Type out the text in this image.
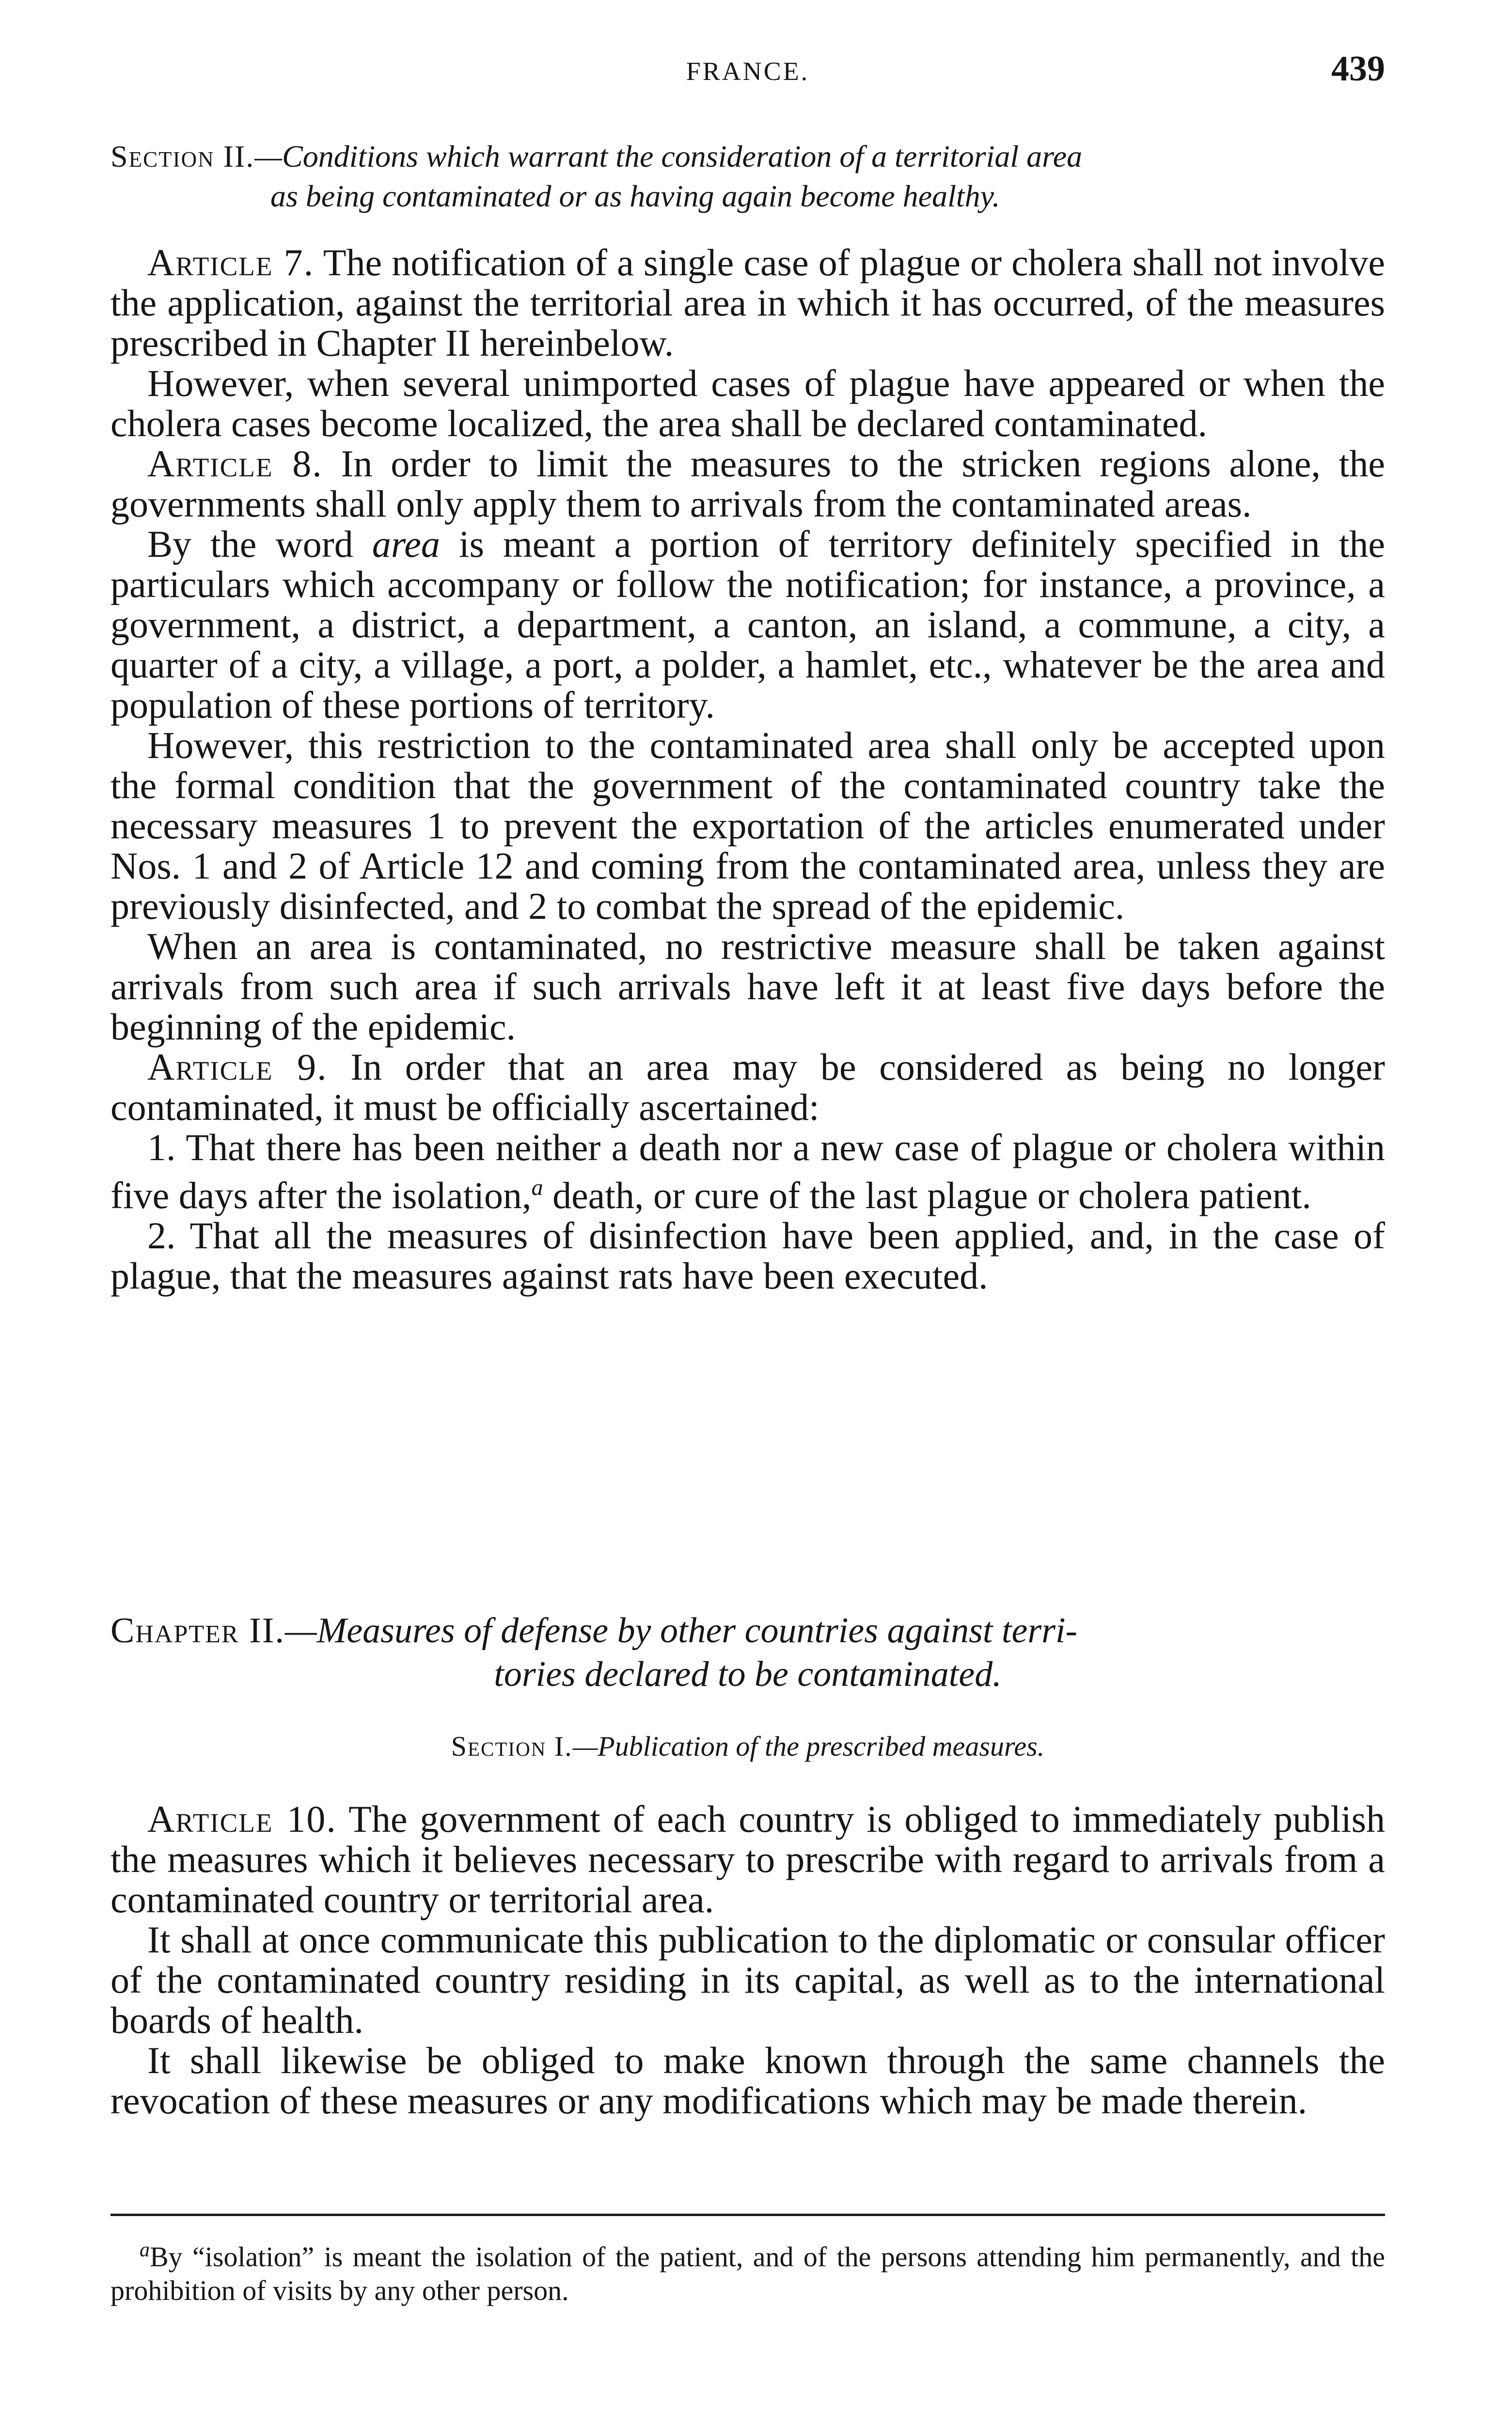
FRANCE.	439
Section II.—Conditions which warrant the consideration of a territorial area
as being contaminated or as having again become healthy.

Article 7. The notification of a single case of plague or cholera shall not involve the application, against the territorial area in which it has occurred, of the measures prescribed in Chapter II hereinbelow.

However, when several unimported cases of plague have appeared or when the cholera cases become localized, the area shall be declared contaminated.

Article 8. In order to limit the measures to the stricken regions alone, the governments shall only apply them to arrivals from the contaminated areas.

By the word area is meant a portion of territory definitely specified in the particulars which accompany or follow the notification; for instance, a province, a government, a district, a department, a canton, an island, a commune, a city, a quarter of a city, a village, a port, a polder, a hamlet, etc., whatever be the area and population of these portions of territory.

However, this restriction to the contaminated area shall only be accepted upon the formal condition that the government of the contaminated country take the necessary measures 1 to prevent the exportation of the articles enumerated under Nos. 1 and 2 of Article 12 and coming from the contaminated area, unless they are previously disinfected, and 2 to combat the spread of the epidemic.

When an area is contaminated, no restrictive measure shall be taken against arrivals from such area if such arrivals have left it at least five days before the beginning of the epidemic.

Article 9. In order that an area may be considered as being no longer contaminated, it must be officially ascertained:

1. That there has been neither a death nor a new case of plague or cholera within five days after the isolation,$^a$ death, or cure of the last plague or cholera patient.

2. That all the measures of disinfection have been applied, and, in the case of plague, that the measures against rats have been executed.

Chapter II.—Measures of defense by other countries against terri-
tories declared to be contaminated.
Section I.—Publication of the prescribed measures.

Article 10. The government of each country is obliged to immediately publish the measures which it believes necessary to prescribe with regard to arrivals from a contaminated country or territorial area.

It shall at once communicate this publication to the diplomatic or consular officer of the contaminated country residing in its capital, as well as to the international boards of health.

It shall likewise be obliged to make known through the same channels the revocation of these measures or any modifications which may be made therein.

$^a$By “isolation” is meant the isolation of the patient, and of the persons attending him permanently, and the prohibition of visits by any other person.
